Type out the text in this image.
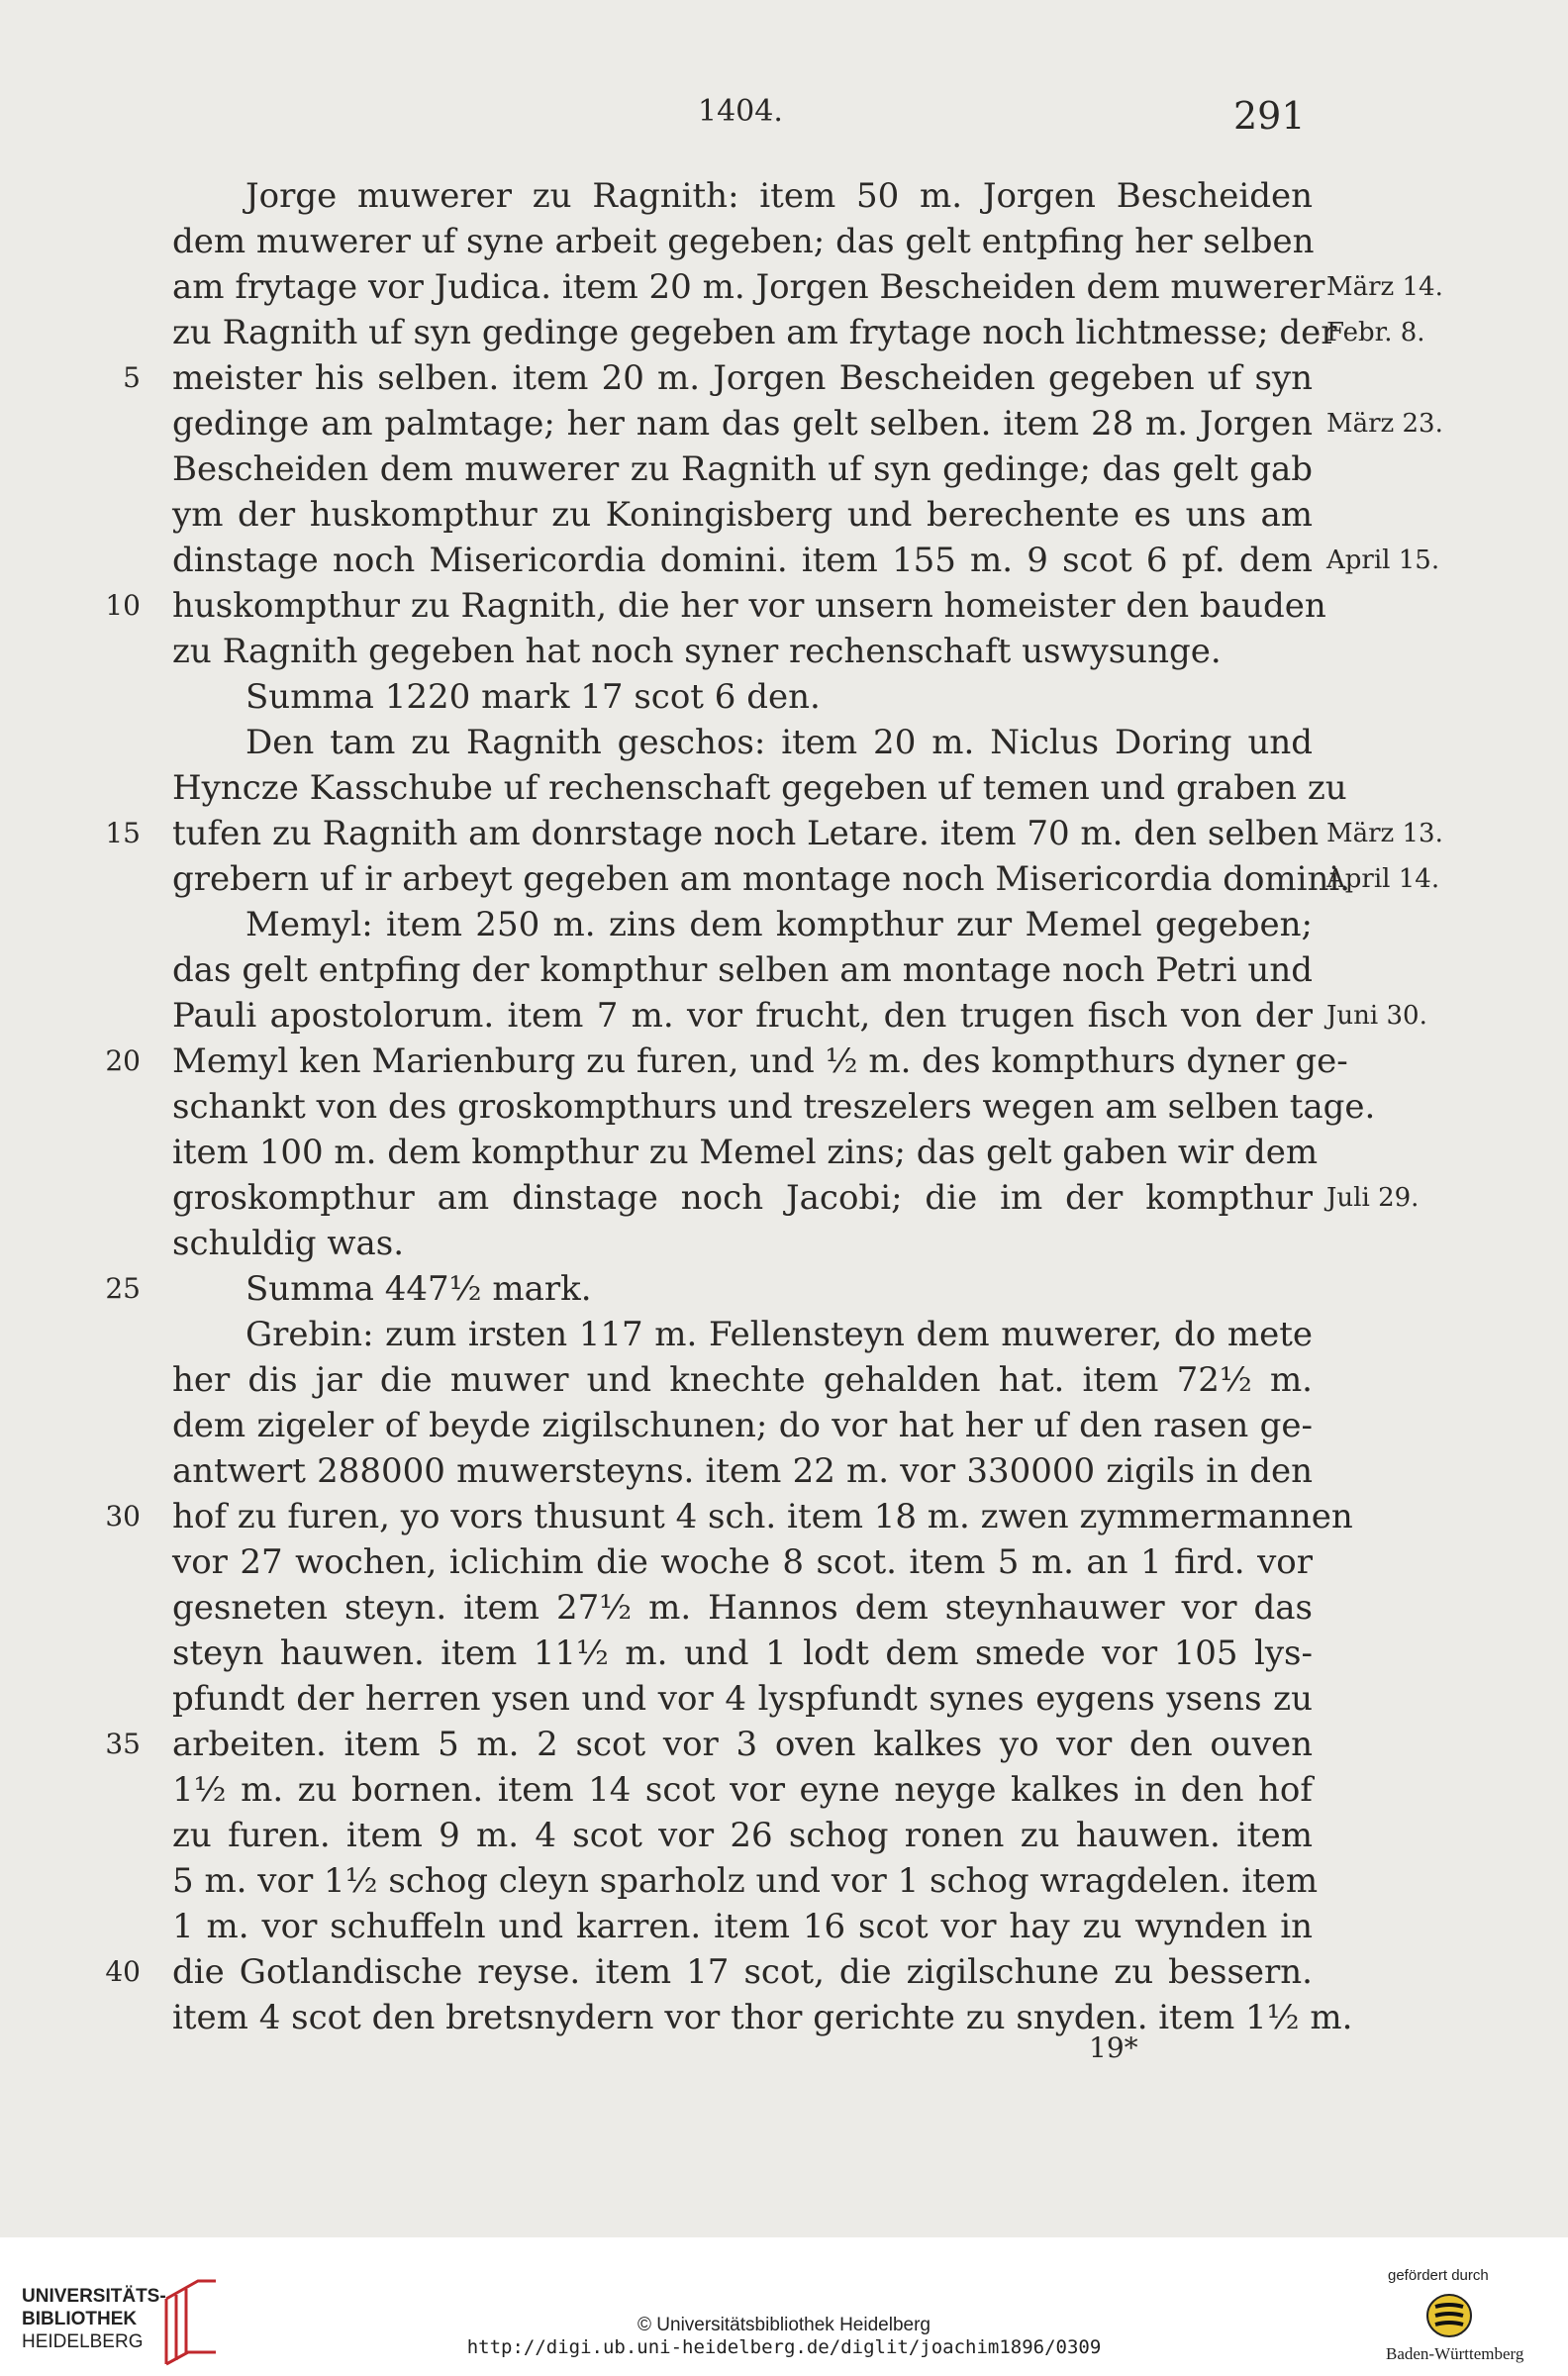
1404.	291
Jorge muwerer zu Ragnith: item 50 m. Jorgen Bescheiden
dem muwerer uf syne arbeit gegeben; das gelt entpfing her selben
am frytage vor Judica. item 20 m. Jorgen Bescheiden dem muwerer März 14.
zu Ragnith uf syn gedinge gegeben am frytage noch lichtmesse; der
Febr. 8.
5 meister his selben. item 20 m. Jorgen Bescheiden gegeben uf syn
gedinge am palmtage; her nam das gelt selben. item 28 m. Jorgen März 23.
Bescheiden dem muwerer zu Ragnith uf syn gedinge; das gelt gab
ym der huskompthur zu Koningisberg und berechente es uns am
dinstage noch Misericordia domini. item 155 m. 9 scot 6 pf. dem April 15.
10 huskompthur zu Ragnith, die her vor unsern homeister den bauden
zu Ragnith gegeben hat noch syner rechenschaft uswysunge.
Summa 1220 mark 17 scot 6 den.
Den tam zu Ragnith geschos: item 20 m. Niclus Doring und
Hyncze Kasschube uf rechenschaft gegeben uf temen und graben zu
15 tufen zu Ragnith am donrstage noch Letare. item 70 m. den selben März 13.
grebern uf ir arbeyt gegeben am montage noch Misericordia domini.
April 14.
Memyl: item 250 m. zins dem kompthur zur Memel gegeben;
das gelt entpfing der kompthur selben am montage noch Petri und
Pauli apostolorum. item 7 m. vor frucht, den trugen fisch von der Juni 30.
20 Memyl ken Marienburg zu furen, und ½ m. des kompthurs dyner ge-
schankt von des groskompthurs und treszelers wegen am selben tage.
item 100 m. dem kompthur zu Memel zins; das gelt gaben wir dem
groskompthur am dinstage noch Jacobi; die im der kompthur Juli 29.
schuldig was.
25	Summa 447½ mark.
Grebin: zum irsten 117 m. Fellensteyn dem muwerer, do mete
her dis jar die muwer und knechte gehalden hat. item 72½ m.
dem zigeler of beyde zigilschunen; do vor hat her uf den rasen ge-
antwert 288000 muwersteyns. item 22 m. vor 330000 zigils in den
30 hof zu furen, yo vors thusunt 4 sch. item 18 m. zwen zymmermannen
vor 27 wochen, iclichim die woche 8 scot. item 5 m. an 1 fird. vor
gesneten steyn. item 27½ m. Hannos dem steynhauwer vor das
steyn hauwen. item 11½ m. und 1 lodt dem smede vor 105 lys-
pfundt der herren ysen und vor 4 lyspfundt synes eygens ysens zu
35 arbeiten. item 5 m. 2 scot vor 3 oven kalkes yo vor den ouven
1½ m. zu bornen. item 14 scot vor eyne neyge kalkes in den hof
zu furen. item 9 m. 4 scot vor 26 schog ronen zu hauwen. item
5 m. vor 1½ schog cleyn sparholz und vor 1 schog wragdelen. item
1 m. vor schuffeln und karren. item 16 scot vor hay zu wynden in
40 die Gotlandische reyse. item 17 scot, die zigilschune zu bessern.
item 4 scot den bretsnydern vor thor gerichte zu snyden. item 1½ m.
19*
UNIVERSITÄTS-
BIBLIOTHEK
HEIDELBERG
© Universitätsbibliothek Heidelberg
http://digi.ub.uni-heidelberg.de/diglit/joachim1896/0309
gefördert durch
Baden-Württemberg
